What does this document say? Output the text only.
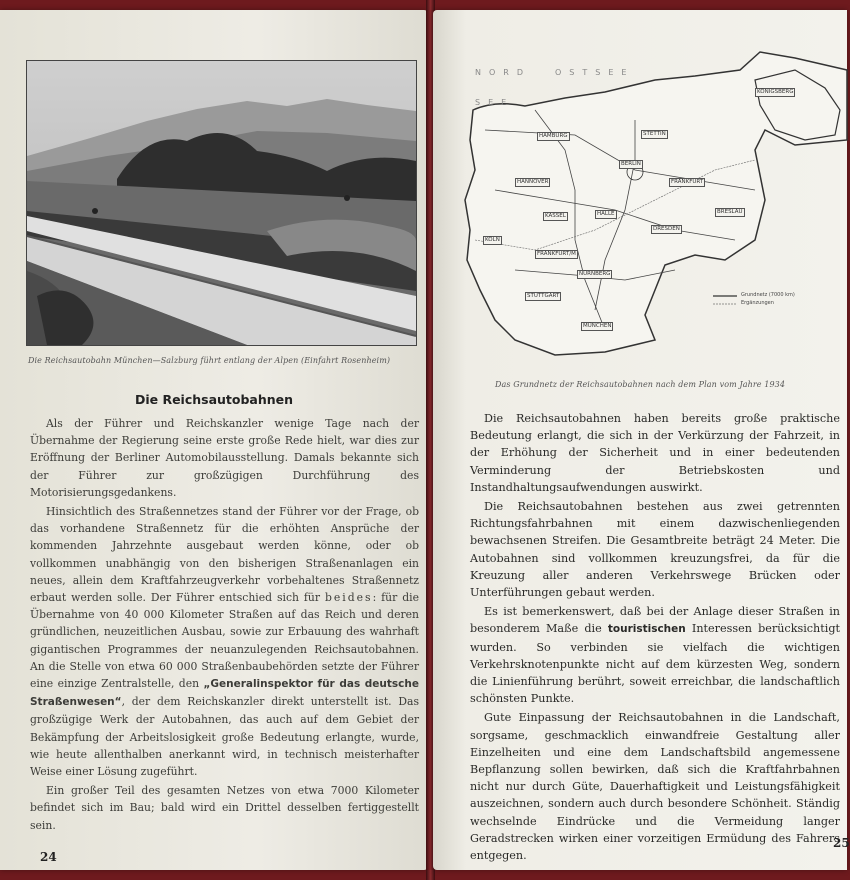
Die Reichsautobahn München—Salzburg führt entlang der Alpen (Einfahrt Rosenheim)
Die Reichsautobahnen

Als der Führer und Reichskanzler wenige Tage nach der Übernahme der Regierung seine erste große Rede hielt, war dies zur Eröffnung der Berliner Automobilausstellung. Damals bekannte sich der Führer zur großzügigen Durchführung des Motorisierungsgedankens.

Hinsichtlich des Straßennetzes stand der Führer vor der Frage, ob das vorhandene Straßennetz für die erhöhten Ansprüche der kommenden Jahrzehnte ausgebaut werden könne, oder ob vollkommen unabhängig von den bisherigen Straßenanlagen ein neues, allein dem Kraftfahrzeugverkehr vorbehaltenes Straßennetz erbaut werden solle. Der Führer entschied sich für beides: für die Übernahme von 40 000 Kilometer Straßen auf das Reich und deren gründlichen, neuzeitlichen Ausbau, sowie zur Erbauung des wahrhaft gigantischen Programmes der neuanzulegenden Reichsautobahnen. An die Stelle von etwa 60 000 Straßenbaubehörden setzte der Führer eine einzige Zentralstelle, den „Generalinspektor für das deutsche Straßenwesen“, der dem Reichskanzler direkt unterstellt ist. Das großzügige Werk der Autobahnen, das auch auf dem Gebiet der Bekämpfung der Arbeitslosigkeit große Bedeutung erlangte, wurde, wie heute allenthalben anerkannt wird, in technisch meisterhafter Weise einer Lösung zugeführt.

Ein großer Teil des gesamten Netzes von etwa 7000 Kilometer befindet sich im Bau; bald wird ein Drittel desselben fertiggestellt sein.

24
NORD	OSTSEE
SEE
HAMBURG	STETTIN
BERLIN
HANNOVER	FRANKFURT
BRESLAU
HALLE
DRESDEN
KASSEL
KÖLN
FRANKFURT/M
NÜRNBERG
STUTTGART
MÜNCHEN
KÖNIGSBERG
Grundnetz (7000 km)
Ergänzungen
Das Grundnetz der Reichsautobahnen nach dem Plan vom Jahre 1934

Die Reichsautobahnen haben bereits große praktische Bedeutung erlangt, die sich in der Verkürzung der Fahrzeit, in der Erhöhung der Sicherheit und in einer bedeutenden Verminderung der Betriebskosten und Instandhaltungsaufwendungen auswirkt.

Die Reichsautobahnen bestehen aus zwei getrennten Richtungsfahrbahnen mit einem dazwischenliegenden bewachsenen Streifen. Die Gesamtbreite beträgt 24 Meter. Die Autobahnen sind vollkommen kreuzungsfrei, da für die Kreuzung aller anderen Verkehrswege Brücken oder Unterführungen gebaut werden.

Es ist bemerkenswert, daß bei der Anlage dieser Straßen in besonderem Maße die touristischen Interessen berücksichtigt wurden. So verbinden sie vielfach die wichtigen Verkehrsknotenpunkte nicht auf dem kürzesten Weg, sondern die Linienführung berührt, soweit erreichbar, die landschaftlich schönsten Punkte.

Gute Einpassung der Reichsautobahnen in die Landschaft, sorgsame, geschmacklich einwandfreie Gestaltung aller Einzelheiten und eine dem Landschaftsbild angemessene Bepflanzung sollen bewirken, daß sich die Kraftfahrbahnen nicht nur durch Güte, Dauerhaftigkeit und Leistungsfähigkeit auszeichnen, sondern auch durch besondere Schönheit. Ständig wechselnde Eindrücke und die Vermeidung langer Geradstrecken wirken einer vorzeitigen Ermüdung des Fahrers entgegen.

25
